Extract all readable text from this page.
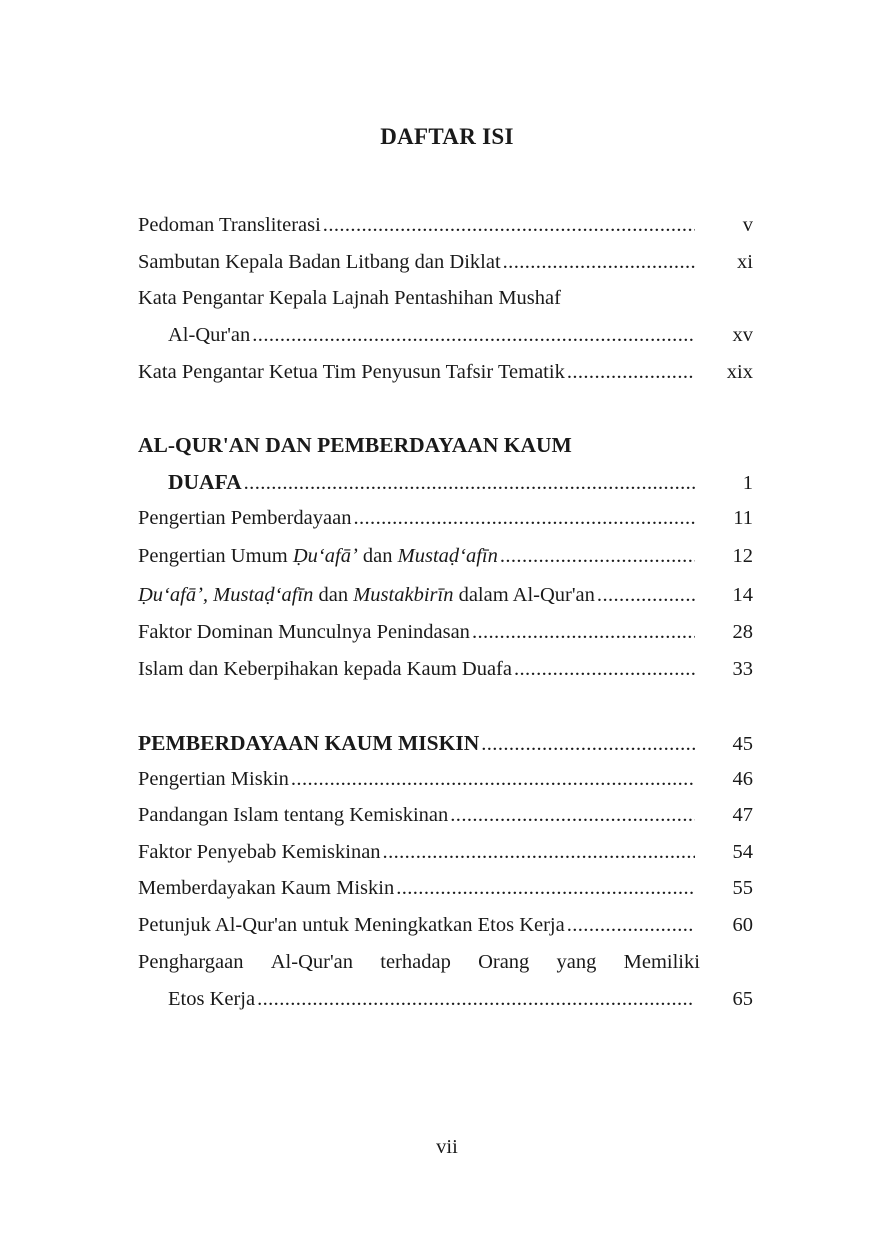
DAFTAR ISI
Pedoman Transliterasi .....	v
Sambutan Kepala Badan Litbang dan Diklat .....	xi
Kata Pengantar Kepala Lajnah Pentashihan Mushaf
Al-Qur'an .....	xv
Kata Pengantar Ketua Tim Penyusun Tafsir Tematik .....	xix
AL-QUR'AN DAN PEMBERDAYAAN KAUM
DUAFA .....	1
Pengertian Pemberdayaan .....	11
Pengertian Umum Ḍuʻafāʼ dan Mustaḍʻafīn .....	12
Ḍuʻafāʼ, Mustaḍʻafīn dan Mustakbirīn dalam Al-Qur'an .....	14
Faktor Dominan Munculnya Penindasan .....	28
Islam dan Keberpihakan kepada Kaum Duafa .....	33
PEMBERDAYAAN KAUM MISKIN .....	45
Pengertian Miskin .....	46
Pandangan Islam tentang Kemiskinan .....	47
Faktor Penyebab Kemiskinan .....	54
Memberdayakan Kaum Miskin .....	55
Petunjuk Al-Qur'an untuk Meningkatkan Etos Kerja .....	60
Penghargaan Al-Qur'an terhadap Orang yang Memiliki
Etos Kerja .....	65
vii
